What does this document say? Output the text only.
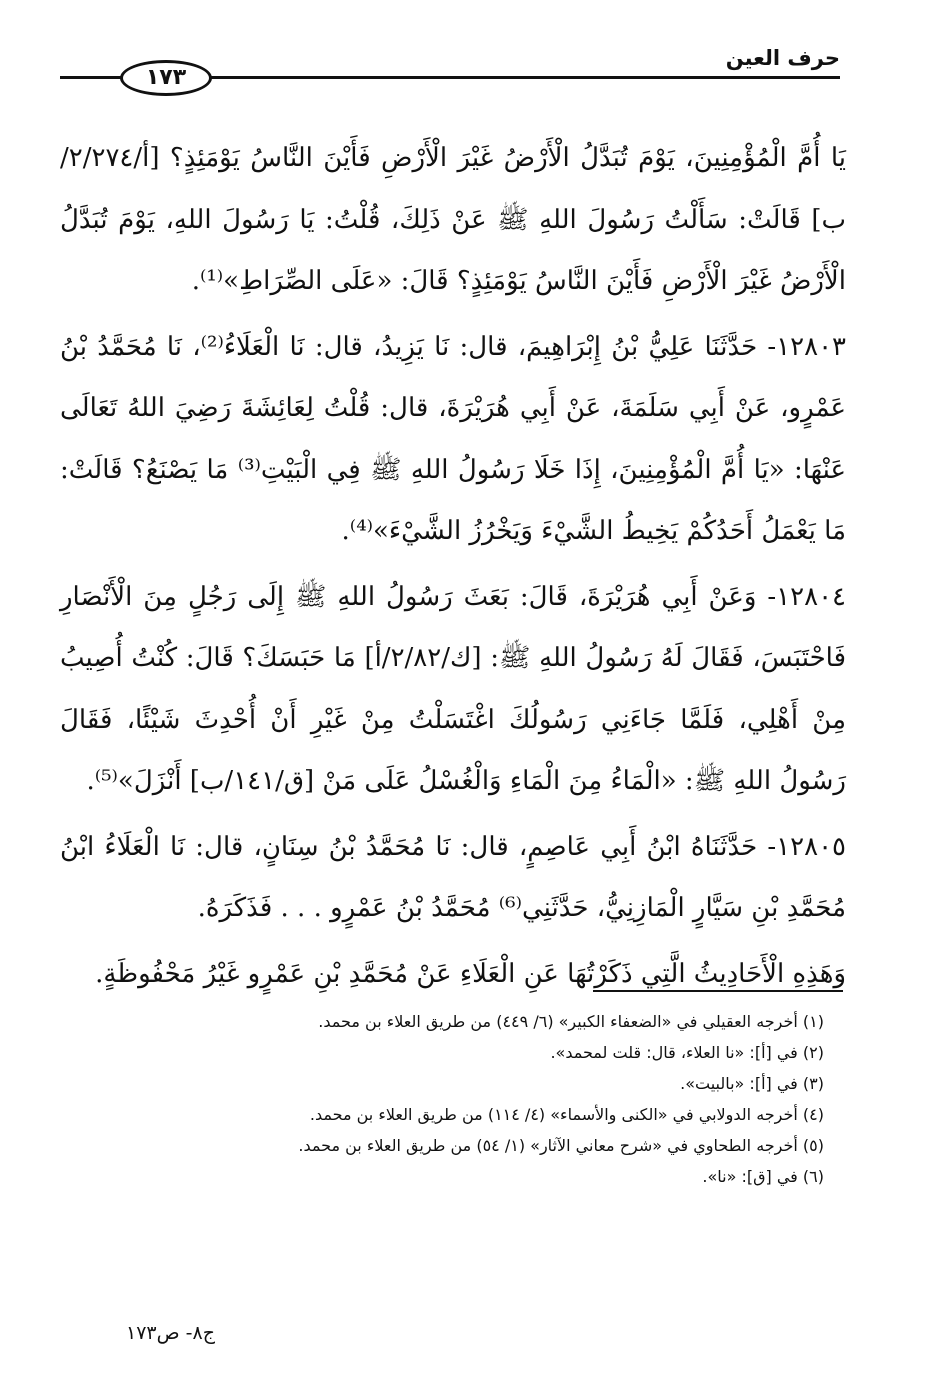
حرف العين
١٧٣

يَا أُمَّ الْمُؤْمِنِينَ، يَوْمَ تُبَدَّلُ الْأَرْضُ غَيْرَ الْأَرْضِ فَأَيْنَ النَّاسُ يَوْمَئِذٍ؟ [أ/٢/٢٧٤/ب] قَالَتْ: سَأَلْتُ رَسُولَ اللهِ ﷺ عَنْ ذَلِكَ، قُلْتُ: يَا رَسُولَ اللهِ، يَوْمَ تُبَدَّلُ الْأَرْضُ غَيْرَ الْأَرْضِ فَأَيْنَ النَّاسُ يَوْمَئِذٍ؟ قَالَ: «عَلَى الصِّرَاطِ»⁽¹⁾.

١٢٨٠٣- حَدَّثَنَا عَلِيُّ بْنُ إِبْرَاهِيمَ، قال: نَا يَزِيدُ، قال: نَا الْعَلَاءُ⁽²⁾، نَا مُحَمَّدُ بْنُ عَمْرٍو، عَنْ أَبِي سَلَمَةَ، عَنْ أَبِي هُرَيْرَةَ، قال: قُلْتُ لِعَائِشَةَ رَضِيَ اللهُ تَعَالَى عَنْهَا: «يَا أُمَّ الْمُؤْمِنِينَ، إِذَا خَلَا رَسُولُ اللهِ ﷺ فِي الْبَيْتِ⁽³⁾ مَا يَصْنَعُ؟ قَالَتْ: مَا يَعْمَلُ أَحَدُكُمْ يَخِيطُ الشَّيْءَ وَيَخْرُزُ الشَّيْءَ»⁽⁴⁾.

١٢٨٠٤- وَعَنْ أَبِي هُرَيْرَةَ، قَالَ: بَعَثَ رَسُولُ اللهِ ﷺ إِلَى رَجُلٍ مِنَ الْأَنْصَارِ فَاحْتَبَسَ، فَقَالَ لَهُ رَسُولُ اللهِ ﷺ: [ك/٢/٨٢/أ] مَا حَبَسَكَ؟ قَالَ: كُنْتُ أُصِيبُ مِنْ أَهْلِي، فَلَمَّا جَاءَنِي رَسُولُكَ اغْتَسَلْتُ مِنْ غَيْرِ أَنْ أُحْدِثَ شَيْئًا، فَقَالَ رَسُولُ اللهِ ﷺ: «الْمَاءُ مِنَ الْمَاءِ وَالْغُسْلُ عَلَى مَنْ [ق/١٤١/ب] أَنْزَلَ»⁽⁵⁾.

١٢٨٠٥- حَدَّثَنَاهُ ابْنُ أَبِي عَاصِمٍ، قال: نَا مُحَمَّدُ بْنُ سِنَانٍ، قال: نَا الْعَلَاءُ ابْنُ مُحَمَّدِ بْنِ سَيَّارٍ الْمَازِنِيُّ، حَدَّثَنِي⁽⁶⁾ مُحَمَّدُ بْنُ عَمْرٍو . . . فَذَكَرَهُ.

وَهَذِهِ الْأَحَادِيثُ الَّتِي ذَكَرْتُهَا عَنِ الْعَلَاءِ عَنْ مُحَمَّدِ بْنِ عَمْرٍو غَيْرُ مَحْفُوظَةٍ.

(١) أخرجه العقيلي في «الضعفاء الكبير» (٦/ ٤٤٩) من طريق العلاء بن محمد.
(٢) في [أ]: «نا العلاء، قال: قلت لمحمد».
(٣) في [أ]: «بالبيت».
(٤) أخرجه الدولابي في «الكنى والأسماء» (٤/ ١١٤) من طريق العلاء بن محمد.
(٥) أخرجه الطحاوي في «شرح معاني الآثار» (١/ ٥٤) من طريق العلاء بن محمد.
(٦) في [ق]: «نا».
ج٨- ص١٧٣
